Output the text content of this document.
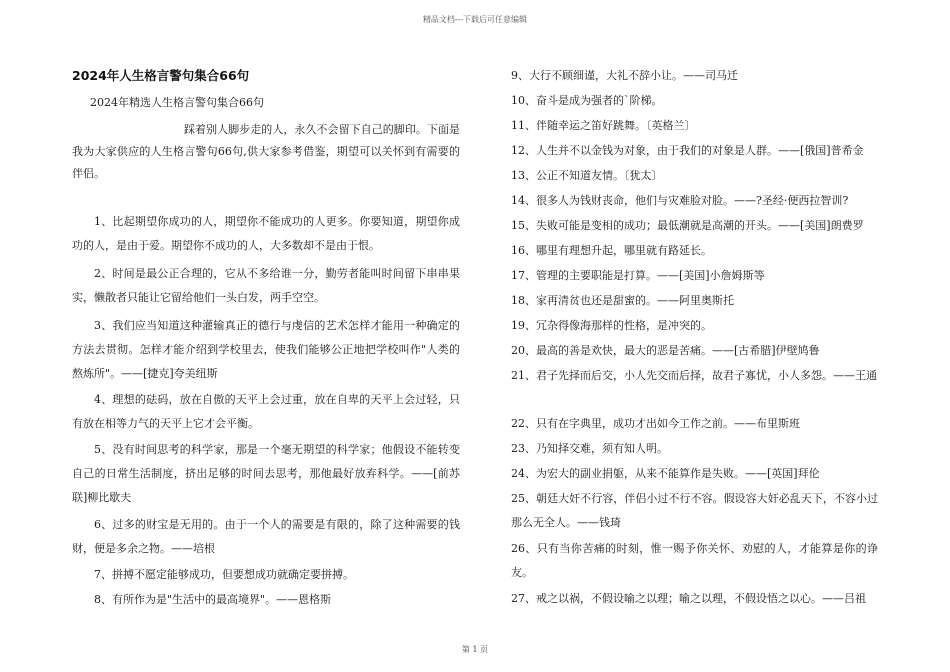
精品文档---下载后可任意编辑
2024年人生格言警句集合66句
2024年精选人生格言警句集合66句
踩着别人脚步走的人，永久不会留下自己的脚印。下面是我为大家供应的人生格言警句66句,供大家参考借鉴，期望可以关怀到有需要的伴侣。
1、比起期望你成功的人，期望你不能成功的人更多。你要知道，期望你成功的人，是由于爱。期望你不成功的人，大多数却不是由于恨。
2、时间是最公正合理的，它从不多给谁一分，勤劳者能叫时间留下串串果实，懒散者只能让它留给他们一头白发，两手空空。
3、我们应当知道这种灌输真正的德行与虔信的艺术怎样才能用一种确定的方法去贯彻。怎样才能介绍到学校里去，使我们能够公正地把学校叫作"人类的熬炼所"。——[捷克]夸美纽斯
4、理想的砝码，放在自傲的天平上会过重，放在自卑的天平上会过轻，只有放在相等力气的天平上它才会平衡。
5、没有时间思考的科学家，那是一个毫无期望的科学家；他假设不能转变自己的日常生活制度，挤出足够的时间去思考，那他最好放弃科学。——[前苏联]柳比歇夫
6、过多的财宝是无用的。由于一个人的需要是有限的，除了这种需要的钱财，便是多余之物。——培根
7、拼搏不愿定能够成功，但要想成功就确定要拼搏。
8、有所作为是"生活中的最高境界"。——恩格斯
9、大行不顾细谨，大礼不辞小让。——司马迁
10、奋斗是成为强者的`阶梯。
11、伴随幸运之笛好跳舞。〔英格兰〕
12、人生并不以金钱为对象，由于我们的对象是人群。——[俄国]普希金
13、公正不知道友情。〔犹太〕
14、很多人为钱财丧命，他们与灾难脸对脸。——?圣经·便西拉智训?
15、失败可能是变相的成功；最低潮就是高潮的开头。——[美国]朗费罗
16、哪里有理想升起，哪里就有路延长。
17、管理的主要职能是打算。——[美国]小詹姆斯等
18、家再清贫也还是甜蜜的。——阿里奥斯托
19、冗杂得像海那样的性格，是冲突的。
20、最高的善是欢快，最大的恶是苦痛。——[古希腊]伊壁鸠鲁
21、君子先择而后交，小人先交而后择，故君子寡忧，小人多怨。——王通
22、只有在字典里，成功才出如今工作之前。——布里斯班
23、乃知择交难，须有知人明。
24、为宏大的副业捐躯，从来不能算作是失败。——[英国]拜伦
25、朝廷大奸不行容，伴侣小过不行不容。假设容大奸必乱天下，不容小过那么无全人。——钱琦
26、只有当你苦痛的时刻，惟一赐予你关怀、劝慰的人，才能算是你的诤友。
27、戒之以祸，不假设喻之以理；喻之以理，不假设悟之以心。——吕祖
第 1 页
